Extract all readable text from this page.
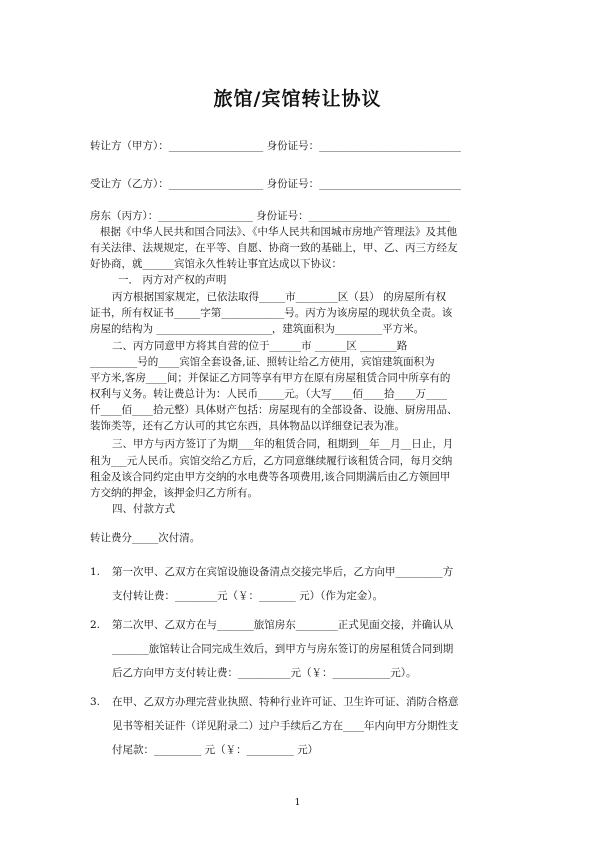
旅馆/宾馆转让协议
转让方（甲方）：__________________ 身份证号：___________________________
受让方（乙方）：__________________ 身份证号：___________________________
房东（丙方）：__________________ 身份证号：___________________________
根据《中华人民共和国合同法》、《中华人民共和国城市房地产管理法》及其他
有关法律、法规规定，在平等、自愿、协商一致的基础上，甲、乙、丙三方经友
好协商，就______宾馆永久性转让事宜达成以下协议：
一． 丙方对产权的声明
丙方根据国家规定，已依法取得_____市________区（县） 的房屋所有权
证书，所有权证书_____字第____________号。丙方为该房屋的现状负全责。该
房屋的结构为 ______________________，建筑面积为_________平方米。
二、丙方同意甲方将其自营的位于______市 ______区 _______路
_________号的____宾馆全套设备,证、照转让给乙方使用，宾馆建筑面积为
平方米,客房____间；并保证乙方同等享有甲方在原有房屋租赁合同中所享有的
权利与义务。转让费总计为：人民币_____元。（大写____佰____拾____万____
仟____佰____拾元整）具体财产包括：房屋现有的全部设备、设施、厨房用品、
装饰类等，还有乙方认可的其它东西，具体物品以详细登记表为准。
三、甲方与丙方签订了为期___年的租赁合同，租期到__年__月__日止，月
租为___元人民币。宾馆交给乙方后，乙方同意继续履行该租赁合同，每月交纳
租金及该合同约定由甲方交纳的水电费等各项费用,该合同期满后由乙方领回甲
方交纳的押金，该押金归乙方所有。
四、付款方式
转让费分_____次付清。
1. 第一次甲、乙双方在宾馆设施设备清点交接完毕后，乙方向甲_________方
支付转让费：________元（￥：_______ 元）（作为定金）。
2. 第二次甲、乙双方在与_______旅馆房东________正式见面交接，并确认从
_______旅馆转让合同完成生效后，到甲方与房东签订的房屋租赁合同到期
后乙方向甲方支付转让费：__________元（￥：___________元）。
3. 在甲、乙双方办理完营业执照、特种行业许可证、卫生许可证、消防合格意
见书等相关证件（详见附录二）过户手续后乙方在____年内向甲方分期性支
付尾款：_________ 元（￥：_________ 元）
1
